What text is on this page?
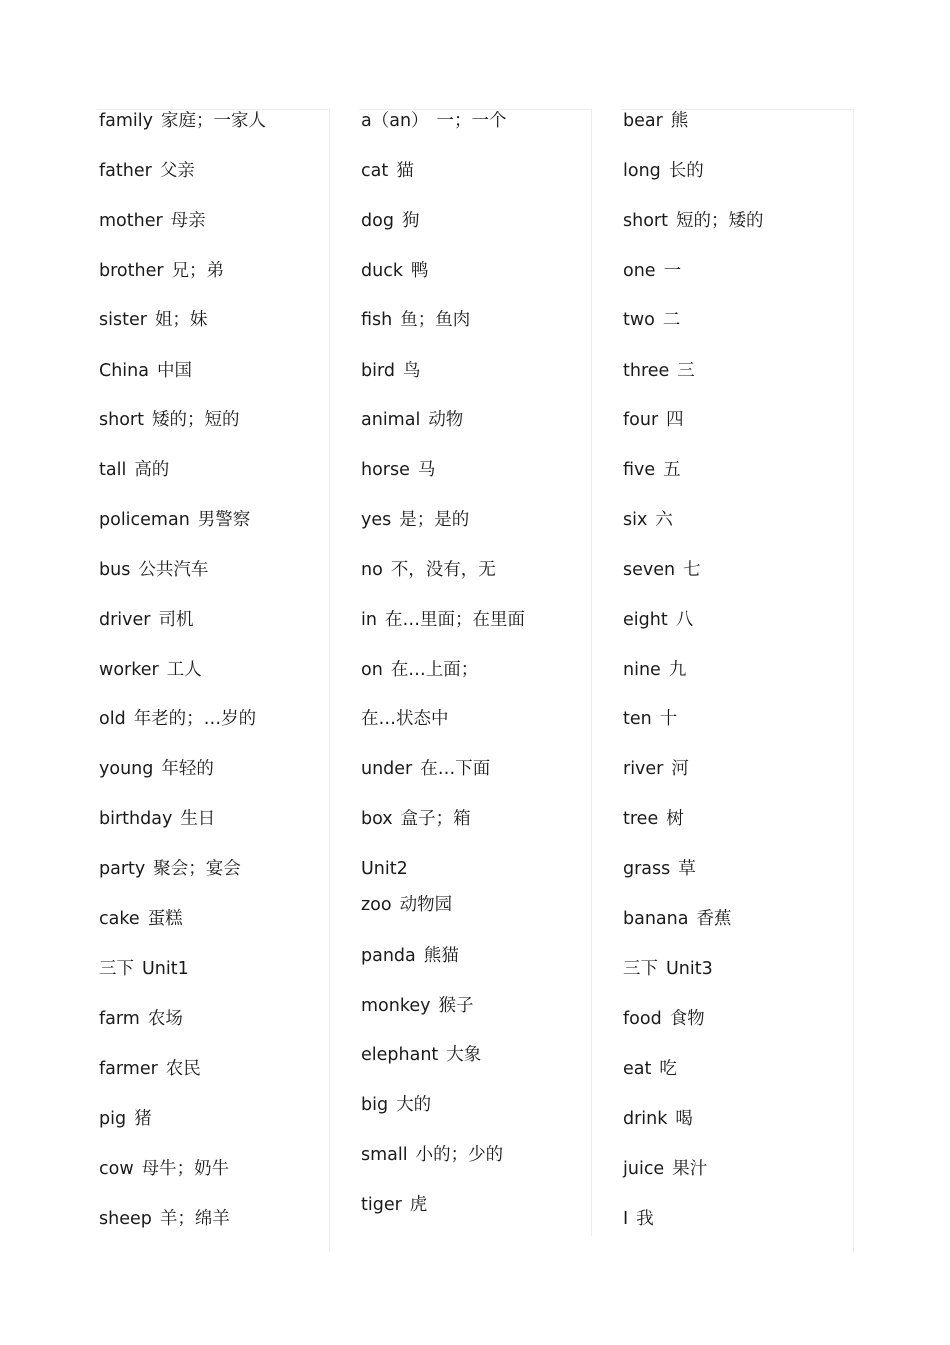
family 家庭；一家人
father 父亲
mother 母亲
brother 兄；弟
sister 姐；妹
China 中国
short 矮的；短的
tall 高的
policeman 男警察
bus 公共汽车
driver 司机
worker 工人
old 年老的；…岁的
young 年轻的
birthday 生日
party 聚会；宴会
cake 蛋糕
三下 Unit1
farm 农场
farmer 农民
pig 猪
cow 母牛；奶牛
sheep 羊；绵羊
a（an） 一；一个
cat 猫
dog 狗
duck 鸭
fish 鱼；鱼肉
bird 鸟
animal 动物
horse 马
yes 是；是的
no 不，没有，无
in 在…里面；在里面
on 在…上面；
在…状态中
under 在…下面
box 盒子；箱
Unit2
zoo 动物园
panda 熊猫
monkey 猴子
elephant 大象
big 大的
small 小的；少的
tiger 虎
bear 熊
long 长的
short 短的；矮的
one 一
two 二
three 三
four 四
five 五
six 六
seven 七
eight 八
nine 九
ten 十
river 河
tree 树
grass 草
banana 香蕉
三下 Unit3
food 食物
eat 吃
drink 喝
juice 果汁
I 我
